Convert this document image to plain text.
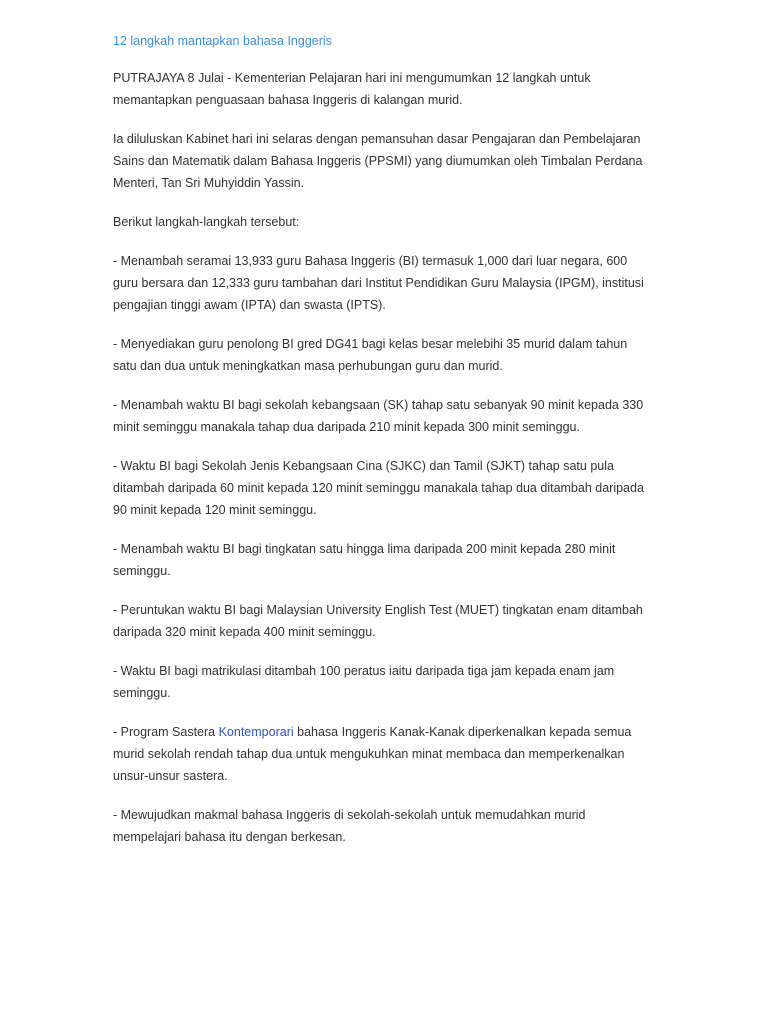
12 langkah mantapkan bahasa Inggeris

PUTRAJAYA 8 Julai - Kementerian Pelajaran hari ini mengumumkan 12 langkah untuk memantapkan penguasaan bahasa Inggeris di kalangan murid.

Ia diluluskan Kabinet hari ini selaras dengan pemansuhan dasar Pengajaran dan Pembelajaran Sains dan Matematik dalam Bahasa Inggeris (PPSMI) yang diumumkan oleh Timbalan Perdana Menteri, Tan Sri Muhyiddin Yassin.

Berikut langkah-langkah tersebut:

- Menambah seramai 13,933 guru Bahasa Inggeris (BI) termasuk 1,000 dari luar negara, 600 guru bersara dan 12,333 guru tambahan dari Institut Pendidikan Guru Malaysia (IPGM), institusi pengajian tinggi awam (IPTA) dan swasta (IPTS).

- Menyediakan guru penolong BI gred DG41 bagi kelas besar melebihi 35 murid dalam tahun satu dan dua untuk meningkatkan masa perhubungan guru dan murid.

- Menambah waktu BI bagi sekolah kebangsaan (SK) tahap satu sebanyak 90 minit kepada 330 minit seminggu manakala tahap dua daripada 210 minit kepada 300 minit seminggu.

- Waktu BI bagi Sekolah Jenis Kebangsaan Cina (SJKC) dan Tamil (SJKT) tahap satu pula ditambah daripada 60 minit kepada 120 minit seminggu manakala tahap dua ditambah daripada 90 minit kepada 120 minit seminggu.

- Menambah waktu BI bagi tingkatan satu hingga lima daripada 200 minit kepada 280 minit seminggu.

- Peruntukan waktu BI bagi Malaysian University English Test (MUET) tingkatan enam ditambah daripada 320 minit kepada 400 minit seminggu.

- Waktu BI bagi matrikulasi ditambah 100 peratus iaitu daripada tiga jam kepada enam jam seminggu.

- Program Sastera Kontemporari bahasa Inggeris Kanak-Kanak diperkenalkan kepada semua murid sekolah rendah tahap dua untuk mengukuhkan minat membaca dan memperkenalkan unsur-unsur sastera.

- Mewujudkan makmal bahasa Inggeris di sekolah-sekolah untuk memudahkan murid mempelajari bahasa itu dengan berkesan.
